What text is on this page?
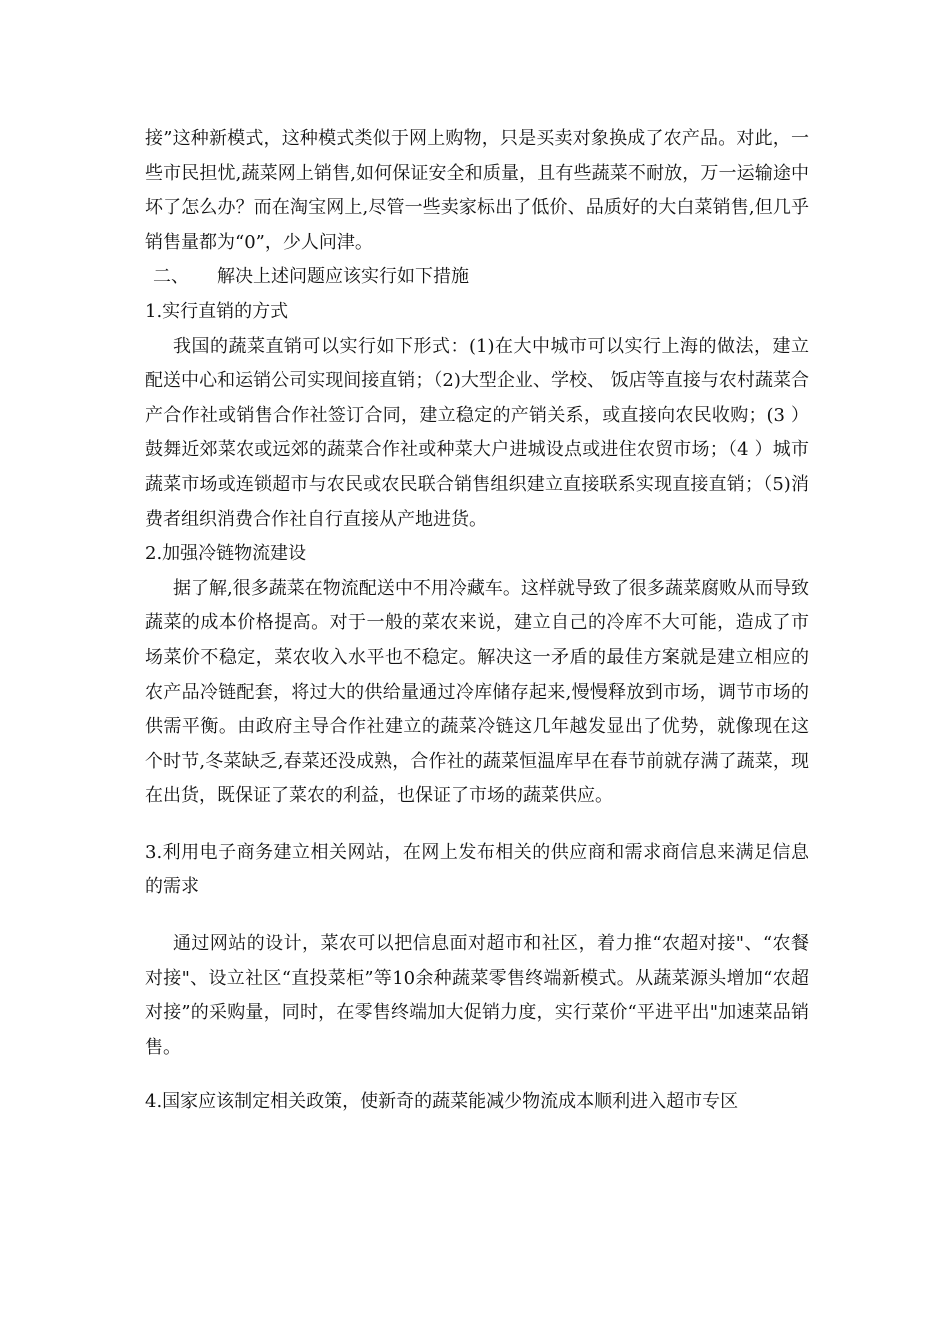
接”这种新模式，这种模式类似于网上购物，只是买卖对象换成了农产品。对此，一些市民担忧,蔬菜网上销售,如何保证安全和质量，且有些蔬菜不耐放，万一运输途中坏了怎么办？而在淘宝网上,尽管一些卖家标出了低价、品质好的大白菜销售,但几乎销售量都为“0”，少人问津。

二、 解决上述问题应该实行如下措施

1.实行直销的方式

我国的蔬菜直销可以实行如下形式：(1)在大中城市可以实行上海的做法，建立配送中心和运销公司实现间接直销；（2)大型企业、学校、 饭店等直接与农村蔬菜合产合作社或销售合作社签订合同，建立稳定的产销关系，或直接向农民收购；(3 ）鼓舞近郊菜农或远郊的蔬菜合作社或种菜大户进城设点或进住农贸市场；（4 ）城市蔬菜市场或连锁超市与农民或农民联合销售组织建立直接联系实现直接直销；（5)消费者组织消费合作社自行直接从产地进货。

2.加强冷链物流建设

据了解,很多蔬菜在物流配送中不用冷藏车。这样就导致了很多蔬菜腐败从而导致蔬菜的成本价格提高。对于一般的菜农来说，建立自己的冷库不大可能，造成了市场菜价不稳定，菜农收入水平也不稳定。解决这一矛盾的最佳方案就是建立相应的农产品冷链配套，将过大的供给量通过冷库储存起来,慢慢释放到市场，调节市场的供需平衡。由政府主导合作社建立的蔬菜冷链这几年越发显出了优势，就像现在这个时节,冬菜缺乏,春菜还没成熟，合作社的蔬菜恒温库早在春节前就存满了蔬菜，现在出货，既保证了菜农的利益，也保证了市场的蔬菜供应。

3.利用电子商务建立相关网站，在网上发布相关的供应商和需求商信息来满足信息的需求

通过网站的设计，菜农可以把信息面对超市和社区，着力推“农超对接"、“农餐对接"、设立社区“直投菜柜”等10余种蔬菜零售终端新模式。从蔬菜源头增加“农超对接”的采购量，同时，在零售终端加大促销力度，实行菜价“平进平出"加速菜品销售。

4.国家应该制定相关政策，使新奇的蔬菜能减少物流成本顺利进入超市专区
